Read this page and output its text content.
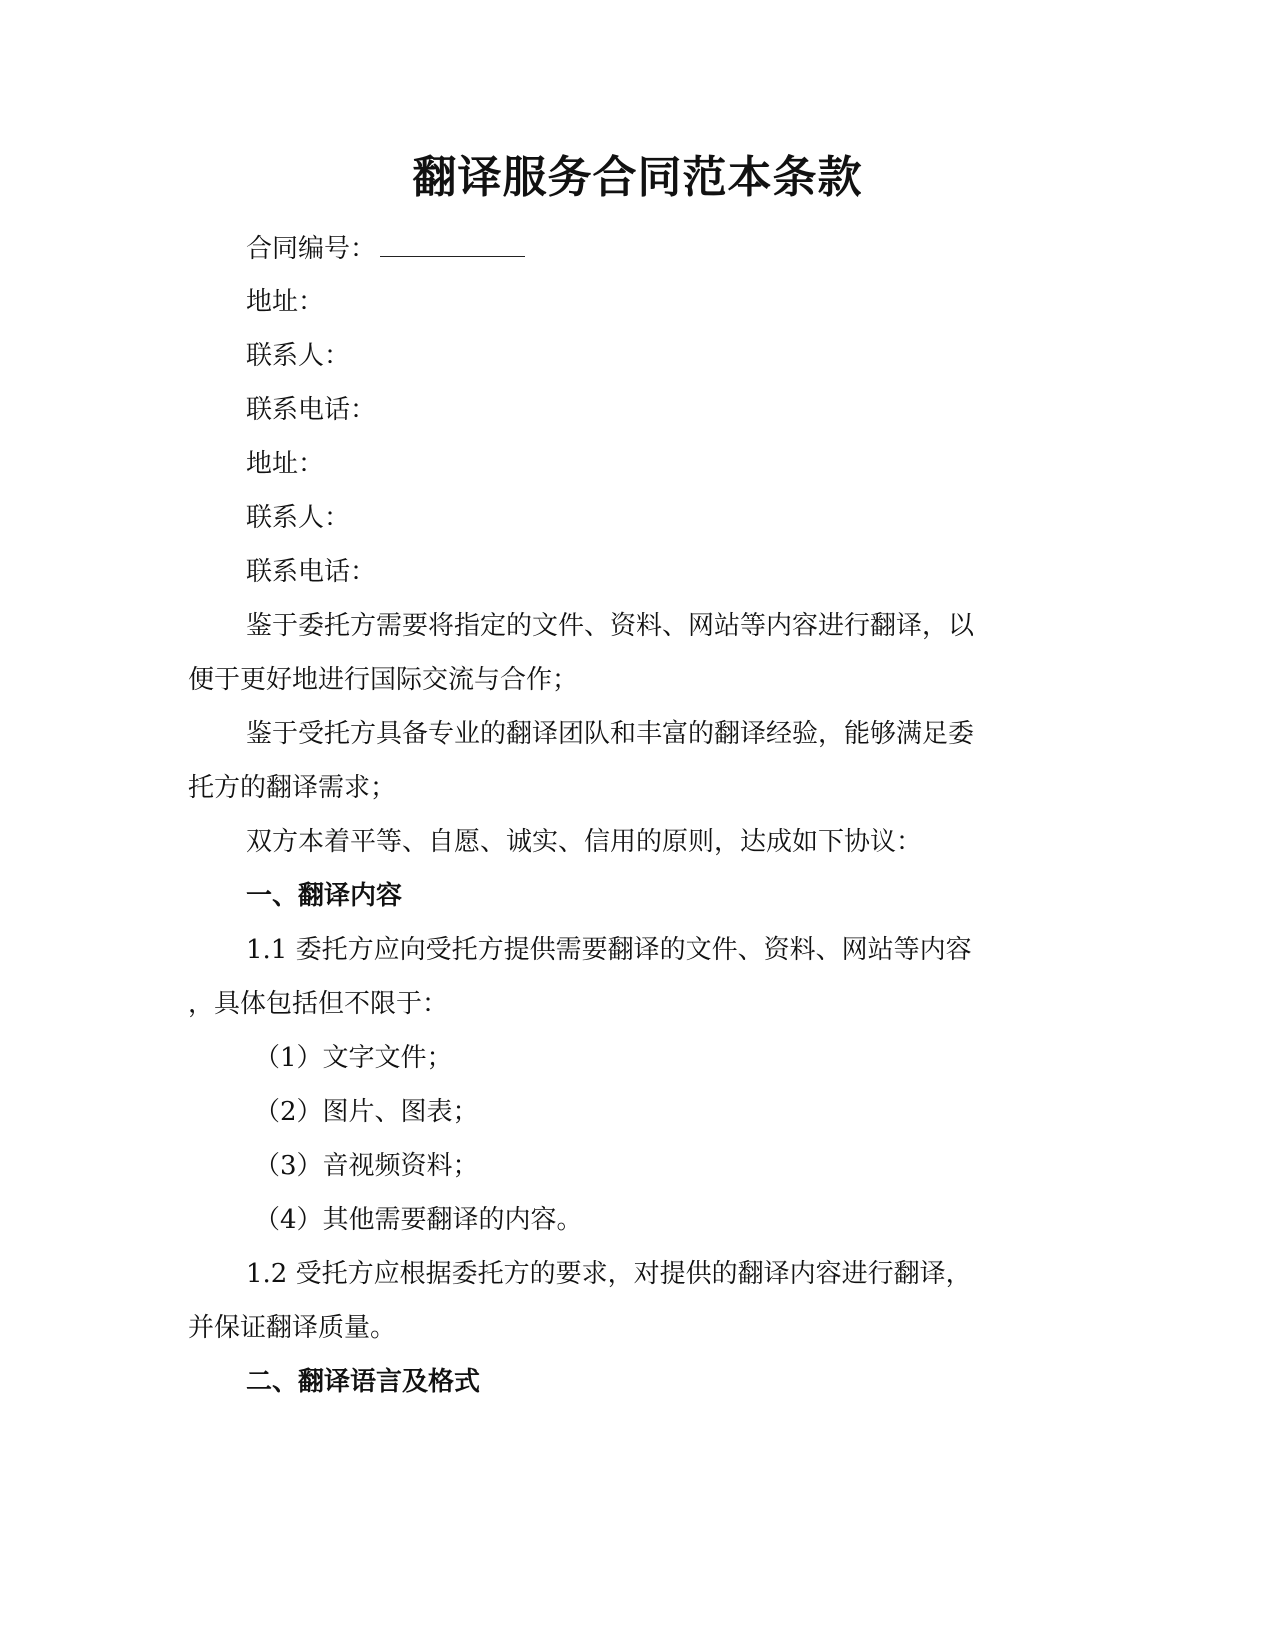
翻译服务合同范本条款
合同编号：
地址：
联系人：
联系电话：
地址：
联系人：
联系电话：
鉴于委托方需要将指定的文件、资料、网站等内容进行翻译，以
便于更好地进行国际交流与合作；
鉴于受托方具备专业的翻译团队和丰富的翻译经验，能够满足委
托方的翻译需求；
双方本着平等、自愿、诚实、信用的原则，达成如下协议：
一、翻译内容
1.1 委托方应向受托方提供需要翻译的文件、资料、网站等内容
，具体包括但不限于：
（1）文字文件；
（2）图片、图表；
（3）音视频资料；
（4）其他需要翻译的内容。
1.2 受托方应根据委托方的要求，对提供的翻译内容进行翻译，
并保证翻译质量。
二、翻译语言及格式
